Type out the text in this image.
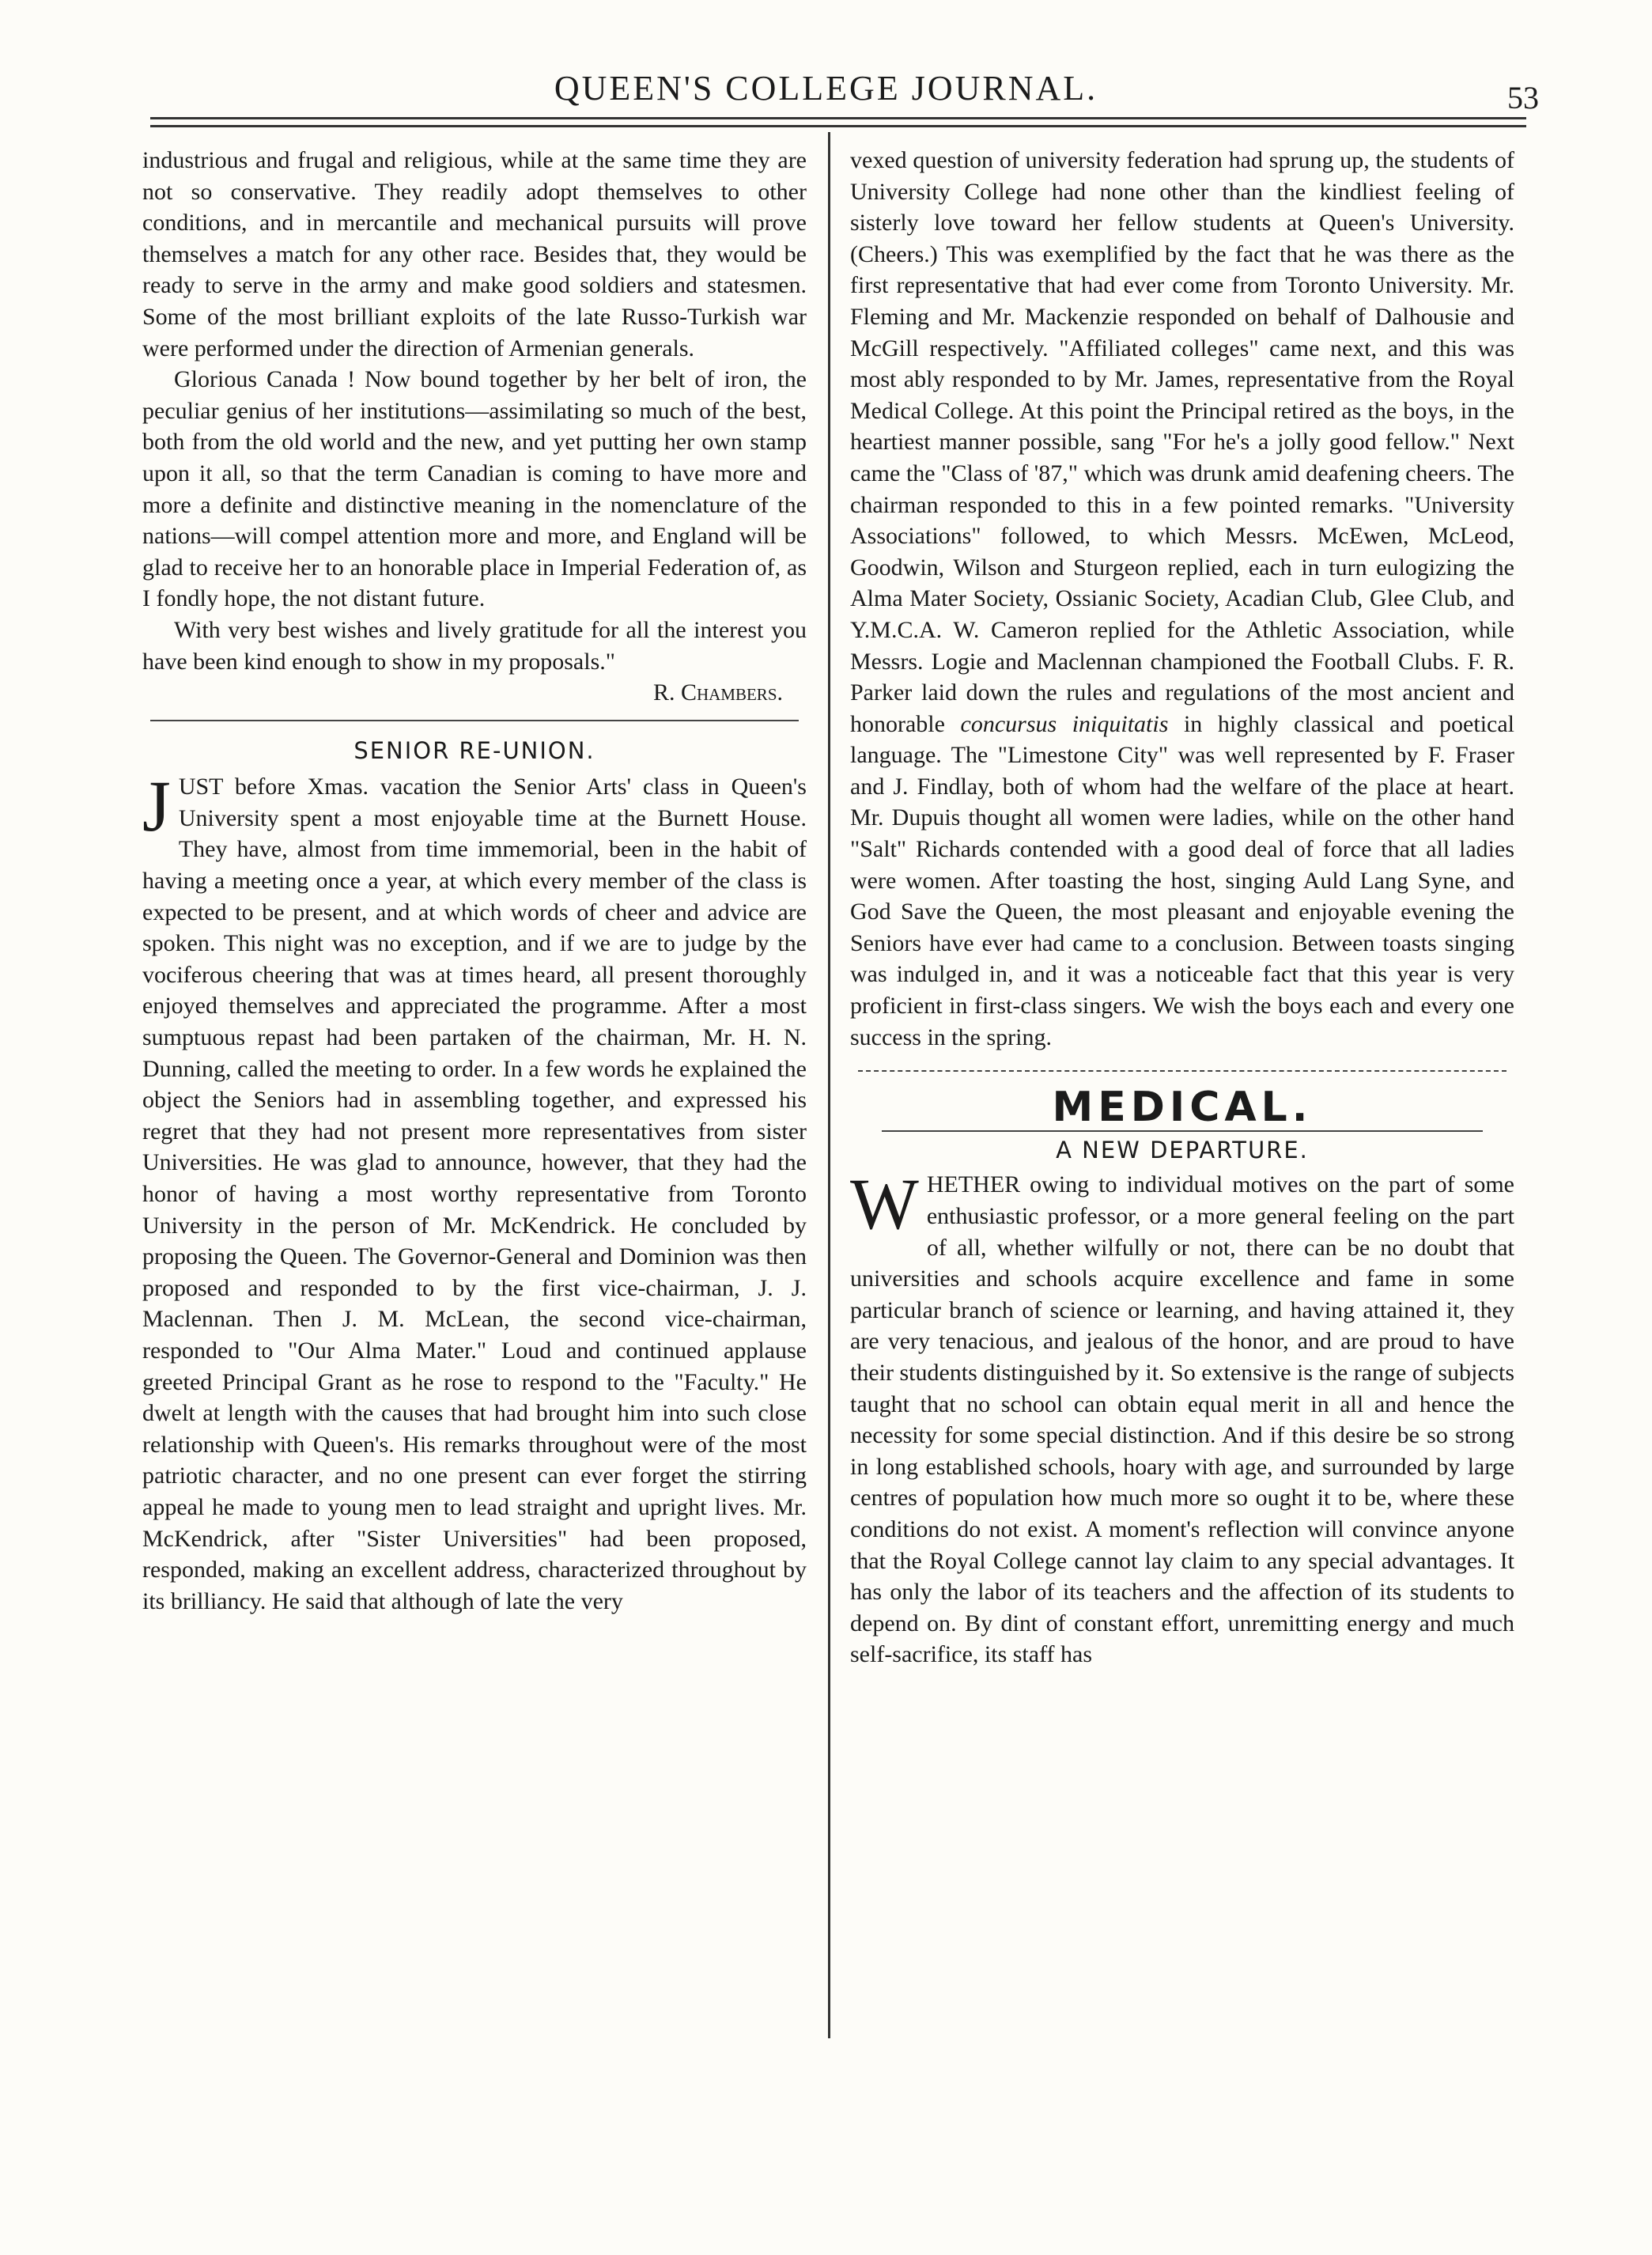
QUEEN'S COLLEGE JOURNAL.	53

industrious and frugal and religious, while at the same time they are not so conservative. They readily adopt themselves to other conditions, and in mercantile and mechanical pursuits will prove themselves a match for any other race. Besides that, they would be ready to serve in the army and make good soldiers and statesmen. Some of the most brilliant exploits of the late Russo-Turkish war were performed under the direction of Armenian generals.

Glorious Canada ! Now bound together by her belt of iron, the peculiar genius of her institutions—assimilating so much of the best, both from the old world and the new, and yet putting her own stamp upon it all, so that the term Canadian is coming to have more and more a definite and distinctive meaning in the nomenclature of the nations—will compel attention more and more, and England will be glad to receive her to an honorable place in Imperial Federation of, as I fondly hope, the not distant future.

With very best wishes and lively gratitude for all the interest you have been kind enough to show in my proposals."

R. Chambers.

SENIOR RE-UNION.

JUST before Xmas. vacation the Senior Arts' class in Queen's University spent a most enjoyable time at the Burnett House. They have, almost from time immemorial, been in the habit of having a meeting once a year, at which every member of the class is expected to be present, and at which words of cheer and advice are spoken. This night was no exception, and if we are to judge by the vociferous cheering that was at times heard, all present thoroughly enjoyed themselves and appreciated the programme. After a most sumptuous repast had been partaken of the chairman, Mr. H. N. Dunning, called the meeting to order. In a few words he explained the object the Seniors had in assembling together, and expressed his regret that they had not present more representatives from sister Universities. He was glad to announce, however, that they had the honor of having a most worthy representative from Toronto University in the person of Mr. McKendrick. He concluded by proposing the Queen. The Governor-General and Dominion was then proposed and responded to by the first vice-chairman, J. J. Maclennan. Then J. M. McLean, the second vice-chairman, responded to "Our Alma Mater." Loud and continued applause greeted Principal Grant as he rose to respond to the "Faculty." He dwelt at length with the causes that had brought him into such close relationship with Queen's. His remarks throughout were of the most patriotic character, and no one present can ever forget the stirring appeal he made to young men to lead straight and upright lives. Mr. McKendrick, after "Sister Universities" had been proposed, responded, making an excellent address, characterized throughout by its brilliancy. He said that although of late the very

vexed question of university federation had sprung up, the students of University College had none other than the kindliest feeling of sisterly love toward her fellow students at Queen's University. (Cheers.) This was exemplified by the fact that he was there as the first representative that had ever come from Toronto University. Mr. Fleming and Mr. Mackenzie responded on behalf of Dalhousie and McGill respectively. "Affiliated colleges" came next, and this was most ably responded to by Mr. James, representative from the Royal Medical College. At this point the Principal retired as the boys, in the heartiest manner possible, sang "For he's a jolly good fellow." Next came the "Class of '87," which was drunk amid deafening cheers. The chairman responded to this in a few pointed remarks. "University Associations" followed, to which Messrs. McEwen, McLeod, Goodwin, Wilson and Sturgeon replied, each in turn eulogizing the Alma Mater Society, Ossianic Society, Acadian Club, Glee Club, and Y.M.C.A. W. Cameron replied for the Athletic Association, while Messrs. Logie and Maclennan championed the Football Clubs. F. R. Parker laid down the rules and regulations of the most ancient and honorable concursus iniquitatis in highly classical and poetical language. The "Limestone City" was well represented by F. Fraser and J. Findlay, both of whom had the welfare of the place at heart. Mr. Dupuis thought all women were ladies, while on the other hand "Salt" Richards contended with a good deal of force that all ladies were women. After toasting the host, singing Auld Lang Syne, and God Save the Queen, the most pleasant and enjoyable evening the Seniors have ever had came to a conclusion. Between toasts singing was indulged in, and it was a noticeable fact that this year is very proficient in first-class singers. We wish the boys each and every one success in the spring.

MEDICAL.
A NEW DEPARTURE.

WHETHER owing to individual motives on the part of some enthusiastic professor, or a more general feeling on the part of all, whether wilfully or not, there can be no doubt that universities and schools acquire excellence and fame in some particular branch of science or learning, and having attained it, they are very tenacious, and jealous of the honor, and are proud to have their students distinguished by it. So extensive is the range of subjects taught that no school can obtain equal merit in all and hence the necessity for some special distinction. And if this desire be so strong in long established schools, hoary with age, and surrounded by large centres of population how much more so ought it to be, where these conditions do not exist. A moment's reflection will convince anyone that the Royal College cannot lay claim to any special advantages. It has only the labor of its teachers and the affection of its students to depend on. By dint of constant effort, unremitting energy and much self-sacrifice, its staff has
